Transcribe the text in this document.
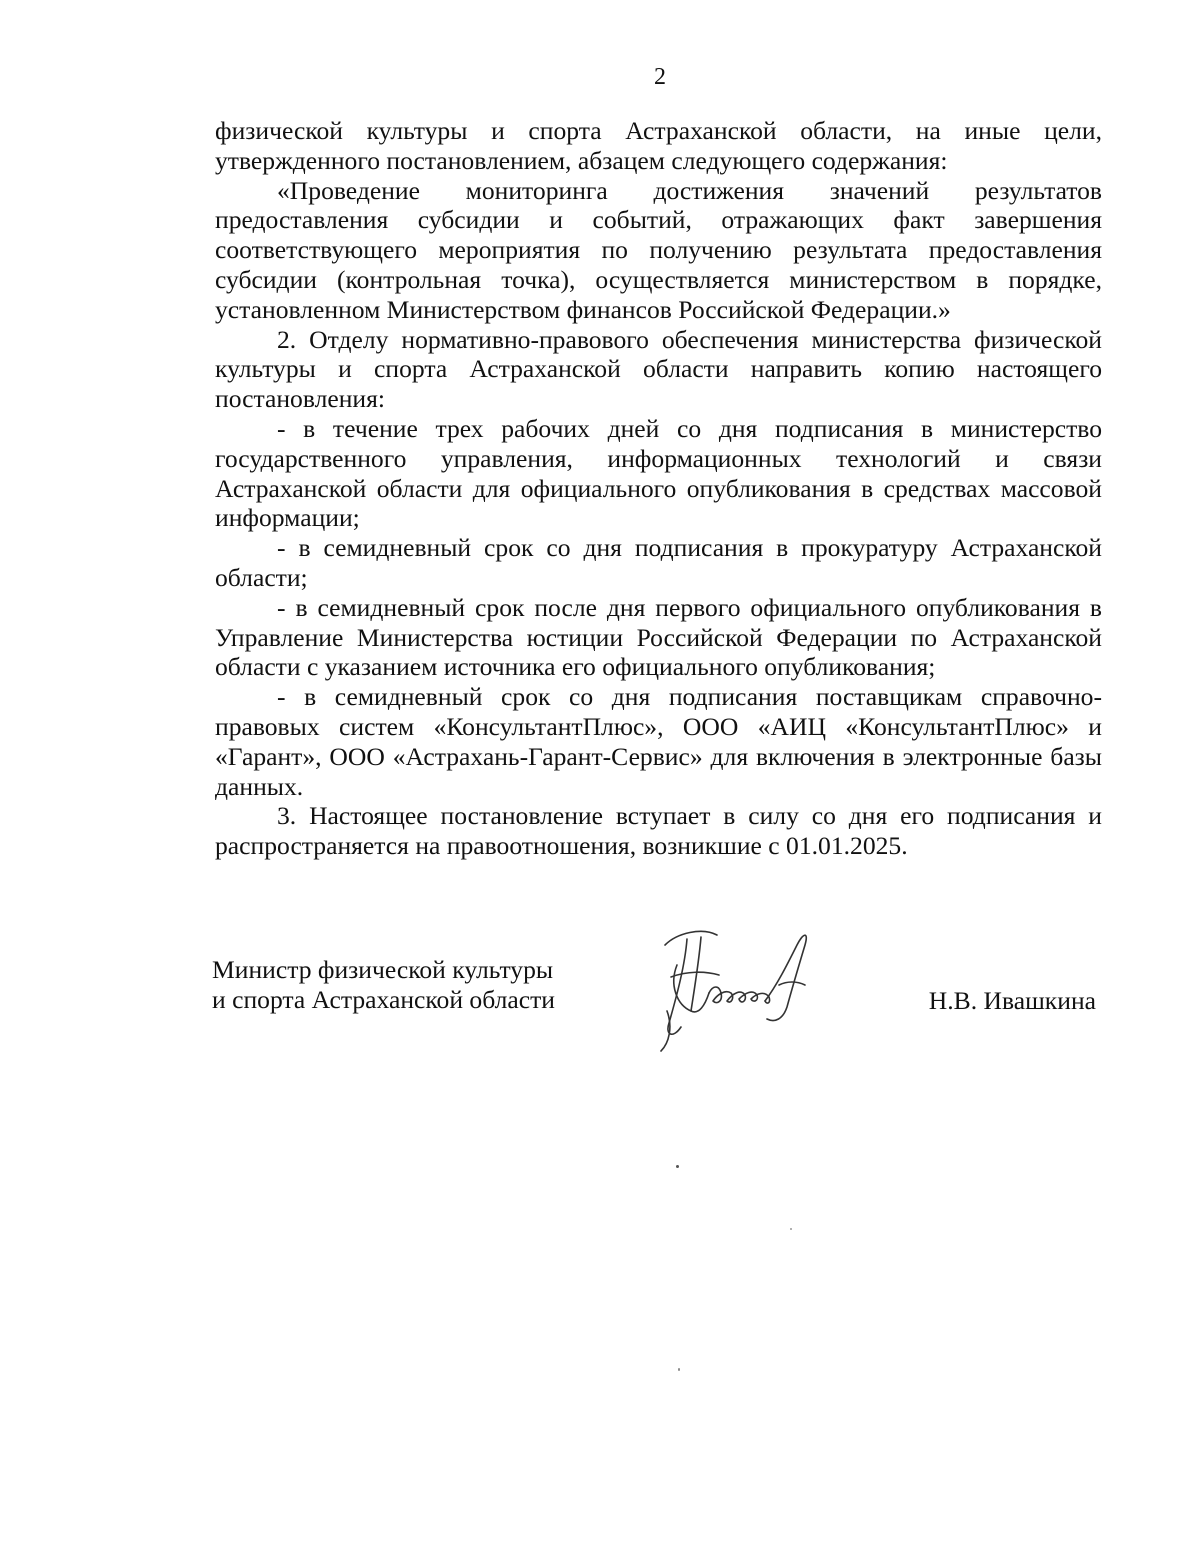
2

физической культуры и спорта Астраханской области, на иные цели, утвержденного постановлением, абзацем следующего содержания:

«Проведение мониторинга достижения значений результатов предоставления субсидии и событий, отражающих факт завершения соответствующего мероприятия по получению результата предоставления субсидии (контрольная точка), осуществляется министерством в порядке, установленном Министерством финансов Российской Федерации.»

2. Отделу нормативно-правового обеспечения министерства физической культуры и спорта Астраханской области направить копию настоящего постановления:

- в течение трех рабочих дней со дня подписания в министерство государственного управления, информационных технологий и связи Астраханской области для официального опубликования в средствах массовой информации;

- в семидневный срок со дня подписания в прокуратуру Астраханской области;

- в семидневный срок после дня первого официального опубликования в Управление Министерства юстиции Российской Федерации по Астраханской области с указанием источника его официального опубликования;

- в семидневный срок со дня подписания поставщикам справочно-правовых систем «КонсультантПлюс», ООО «АИЦ «КонсультантПлюс» и «Гарант», ООО «Астрахань-Гарант-Сервис» для включения в электронные базы данных.

3. Настоящее постановление вступает в силу со дня его подписания и распространяется на правоотношения, возникшие с 01.01.2025.

Министр физической культуры
и спорта Астраханской области	Н.В. Ивашкина
